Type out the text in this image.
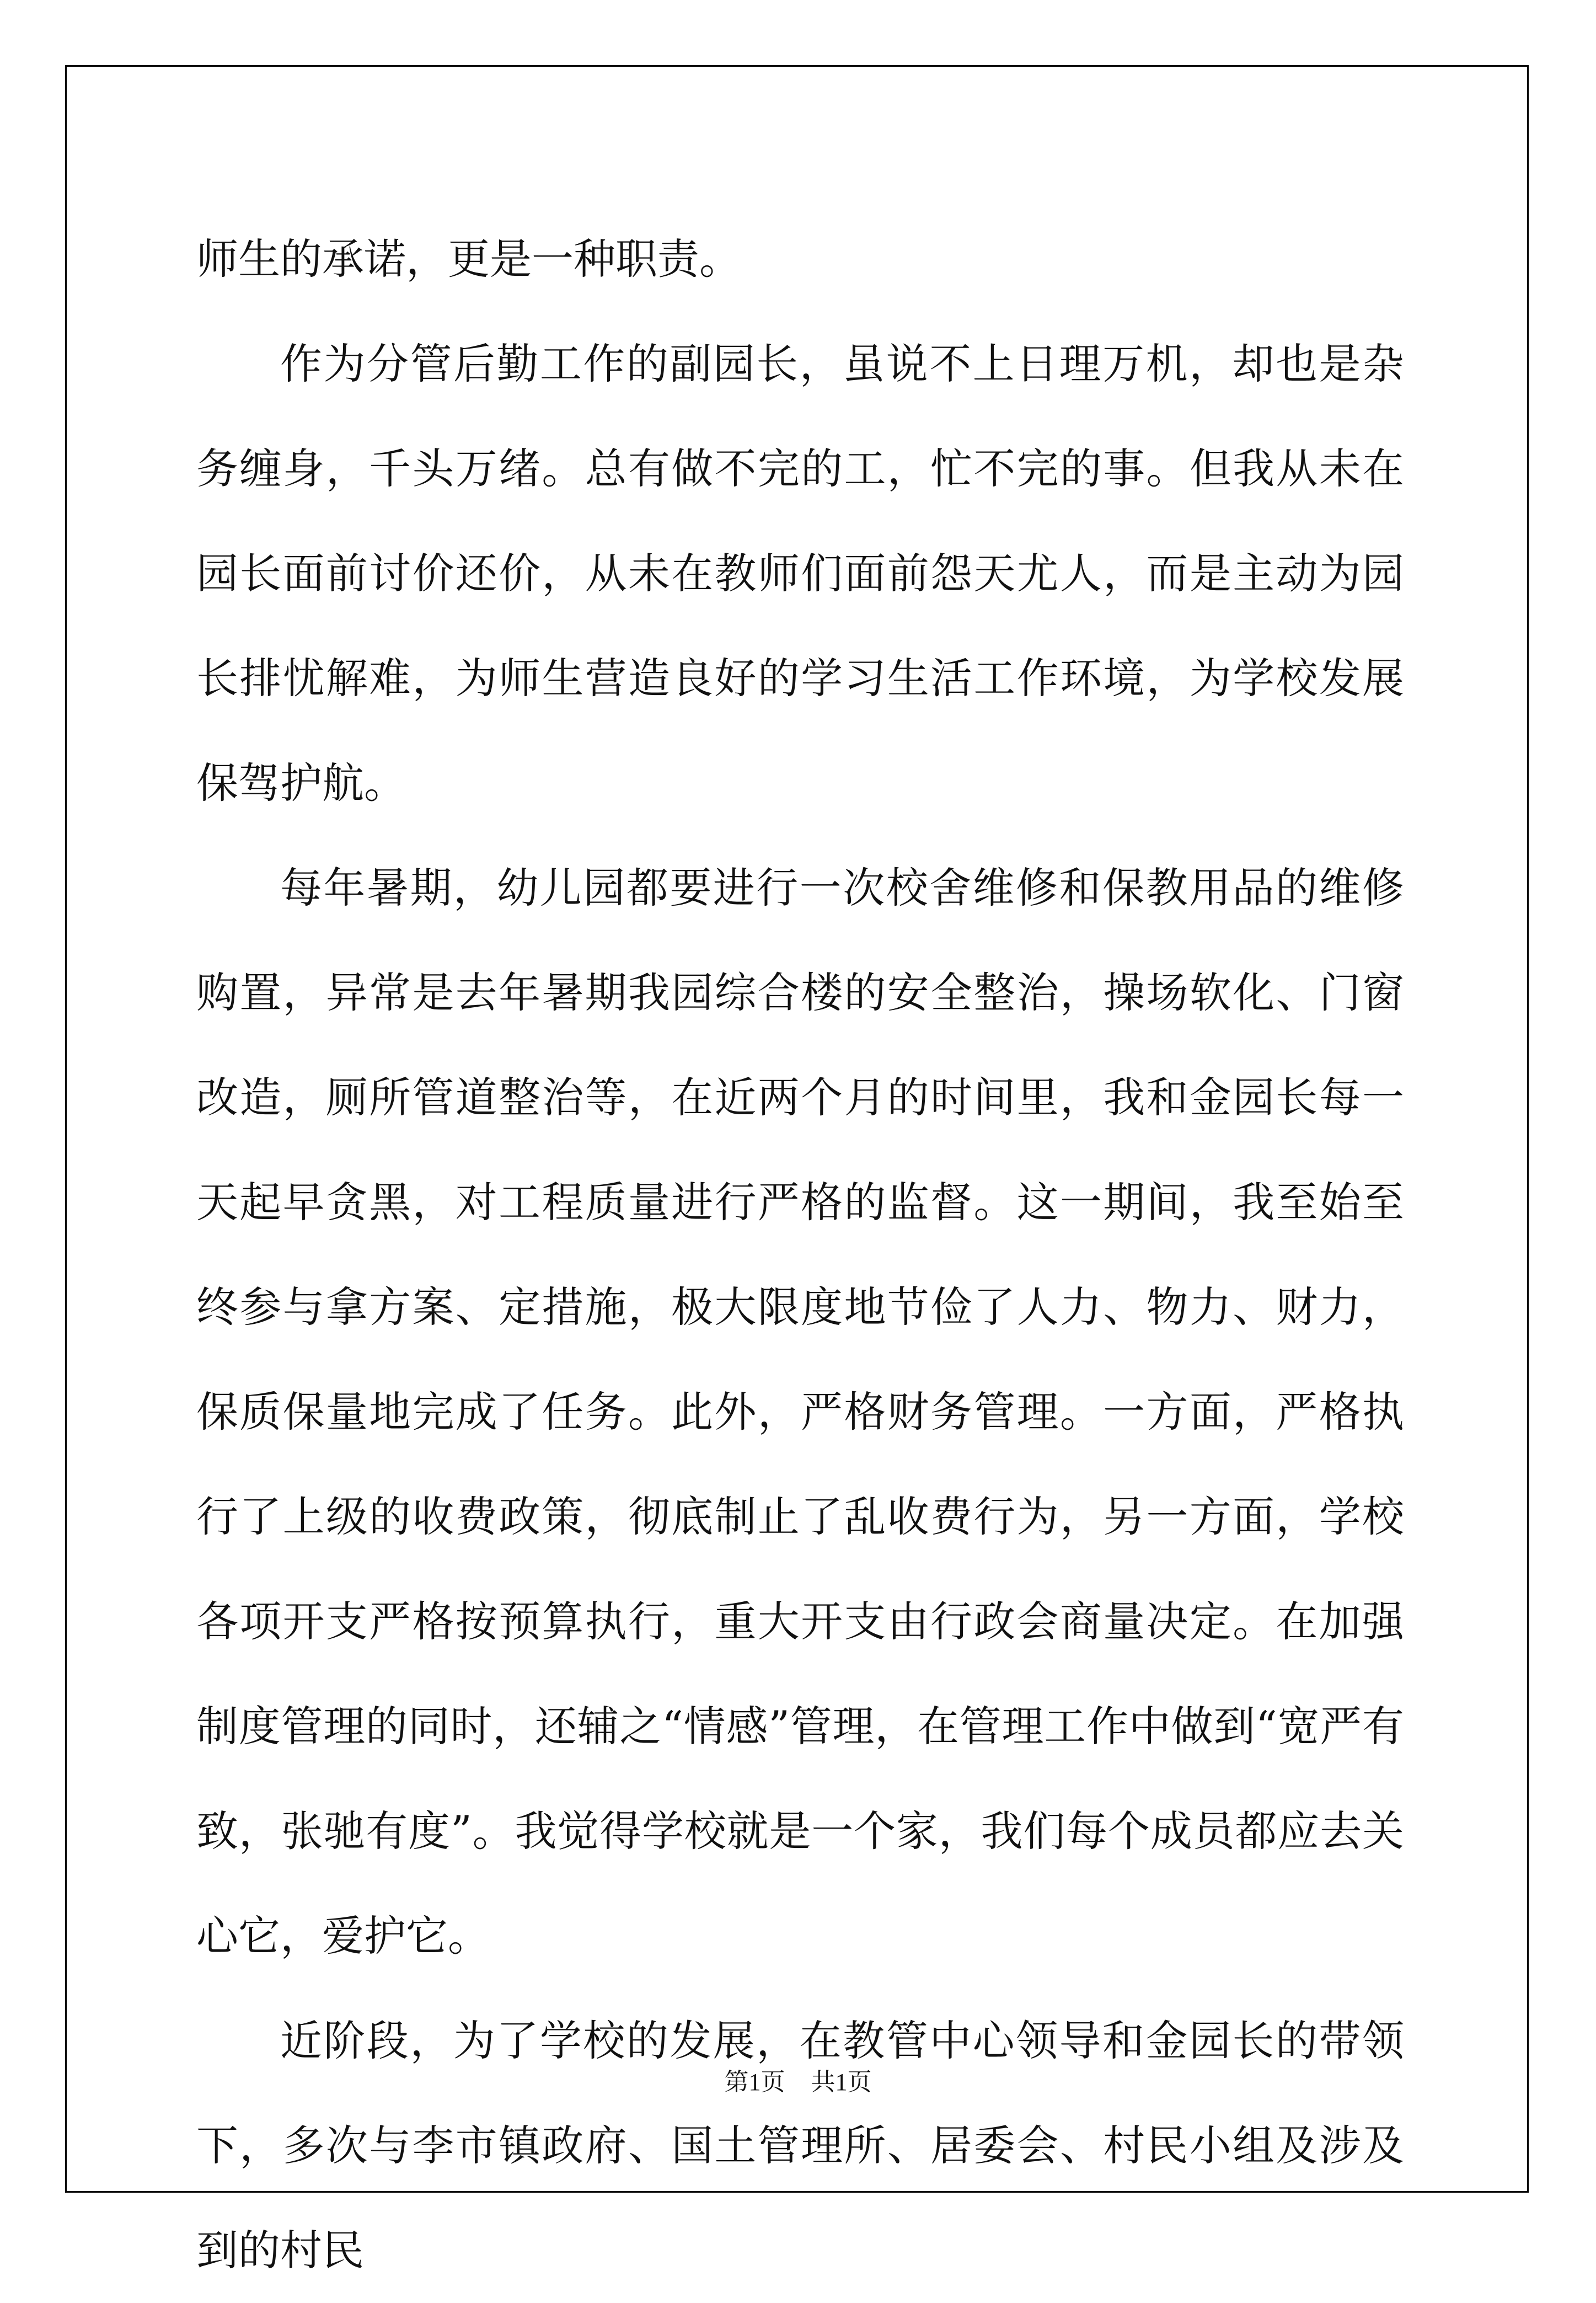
师生的承诺，更是一种职责。

作为分管后勤工作的副园长，虽说不上日理万机，却也是杂务缠身，千头万绪。总有做不完的工，忙不完的事。但我从未在园长面前讨价还价，从未在教师们面前怨天尤人，而是主动为园长排忧解难，为师生营造良好的学习生活工作环境，为学校发展保驾护航。

每年暑期，幼儿园都要进行一次校舍维修和保教用品的维修购置，异常是去年暑期我园综合楼的安全整治，操场软化、门窗改造，厕所管道整治等，在近两个月的时间里，我和金园长每一天起早贪黑，对工程质量进行严格的监督。这一期间，我至始至终参与拿方案、定措施，极大限度地节俭了人力、物力、财力，保质保量地完成了任务。此外，严格财务管理。一方面，严格执行了上级的收费政策，彻底制止了乱收费行为，另一方面，学校各项开支严格按预算执行，重大开支由行政会商量决定。在加强制度管理的同时，还辅之“情感”管理，在管理工作中做到“宽严有致，张驰有度”。我觉得学校就是一个家，我们每个成员都应去关心它，爱护它。

近阶段，为了学校的发展，在教管中心领导和金园长的带领下，多次与李市镇政府、国土管理所、居委会、村民小组及涉及到的村民

第1页 共1页
